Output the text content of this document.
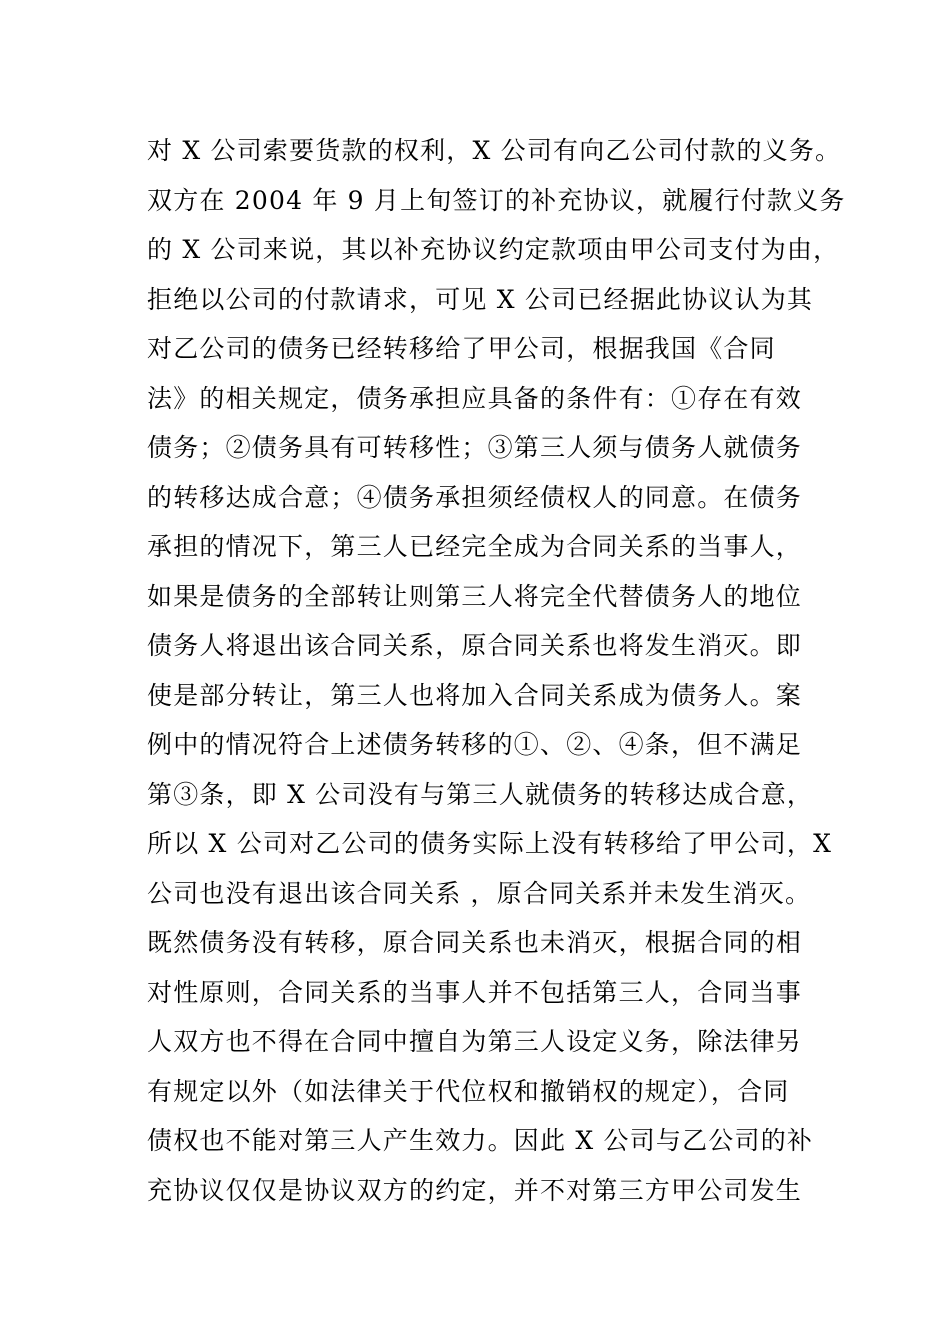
对 X 公司索要货款的权利，X 公司有向乙公司付款的义务。
双方在 2004 年 9 月上旬签订的补充协议，就履行付款义务
的 X 公司来说，其以补充协议约定款项由甲公司支付为由，
拒绝以公司的付款请求，可见 X 公司已经据此协议认为其
对乙公司的债务已经转移给了甲公司，根据我国《合同
法》的相关规定，债务承担应具备的条件有：①存在有效
债务；②债务具有可转移性；③第三人须与债务人就债务
的转移达成合意；④债务承担须经债权人的同意。在债务
承担的情况下，第三人已经完全成为合同关系的当事人，
如果是债务的全部转让则第三人将完全代替债务人的地位
债务人将退出该合同关系，原合同关系也将发生消灭。即
使是部分转让，第三人也将加入合同关系成为债务人。案
例中的情况符合上述债务转移的①、②、④条，但不满足
第③条，即 X 公司没有与第三人就债务的转移达成合意，
所以 X 公司对乙公司的债务实际上没有转移给了甲公司，X
公司也没有退出该合同关系 ，原合同关系并未发生消灭。
既然债务没有转移，原合同关系也未消灭，根据合同的相
对性原则，合同关系的当事人并不包括第三人，合同当事
人双方也不得在合同中擅自为第三人设定义务，除法律另
有规定以外（如法律关于代位权和撤销权的规定），合同
债权也不能对第三人产生效力。因此 X 公司与乙公司的补
充协议仅仅是协议双方的约定，并不对第三方甲公司发生
